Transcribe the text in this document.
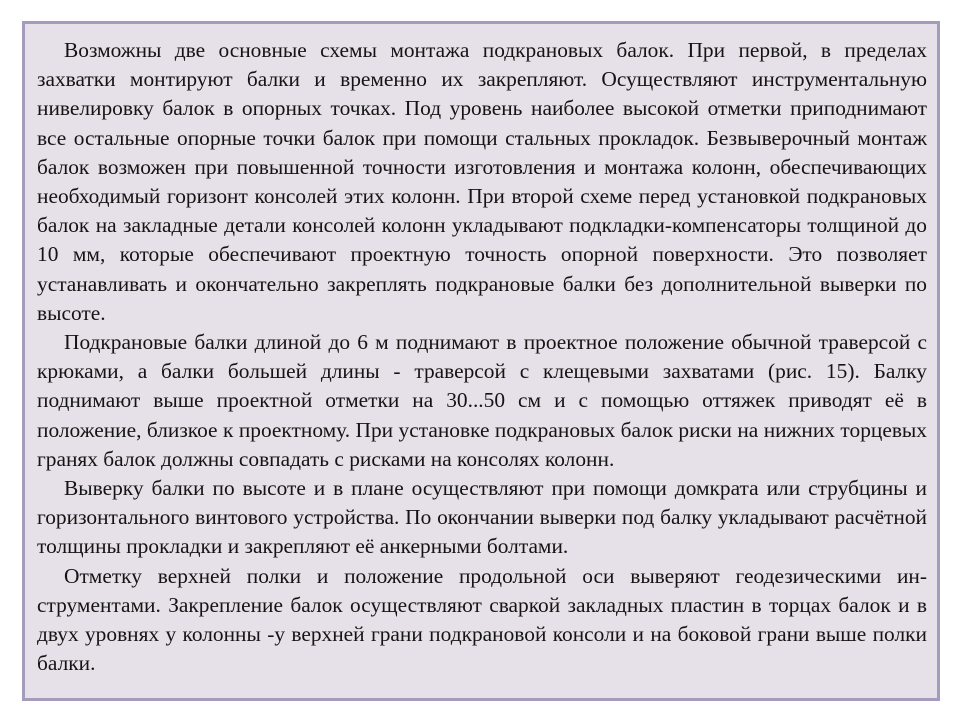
Возможны две основные схемы монтажа подкрановых балок. При первой, в пределах захватки монтируют балки и временно их закрепляют. Осуществляют инструментальную нивелировку балок в опорных точках. Под уровень наиболее высокой отметки приподнимают все остальные опорные точки балок при помощи стальных прокладок. Безвыверочный монтаж балок возможен при повышенной точности изготовления и монтажа колонн, обеспечивающих необходимый горизонт консолей этих колонн. При второй схеме перед установкой подкрановых балок на закладные детали консолей колонн укладывают подкладки-компенсаторы толщиной до 10 мм, которые обеспечивают проектную точность опорной поверхности. Это позволяет устанавливать и окончательно закреплять подкрановые балки без дополнительной выверки по высоте.

Подкрановые балки длиной до 6 м поднимают в проектное положение обычной траверсой с крюками, а балки большей длины - траверсой с клещевыми захватами (рис. 15). Балку поднимают выше проектной отметки на 30...50 см и с помощью оттяжек приводят её в положение, близкое к проектному. При установке подкрановых балок риски на нижних торцевых гранях балок должны совпадать с рисками на консолях колонн.

Выверку балки по высоте и в плане осуществляют при помощи домкрата или струбцины и горизонтального винтового устройства. По окончании выверки под балку укладывают расчётной толщины прокладки и закрепляют её анкерными болтами.

Отметку верхней полки и положение продольной оси выверяют геодезическими инструментами. Закрепление балок осуществляют сваркой закладных пластин в торцах балок и в двух уровнях у колонны -у верхней грани подкрановой консоли и на боковой грани выше полки балки.
